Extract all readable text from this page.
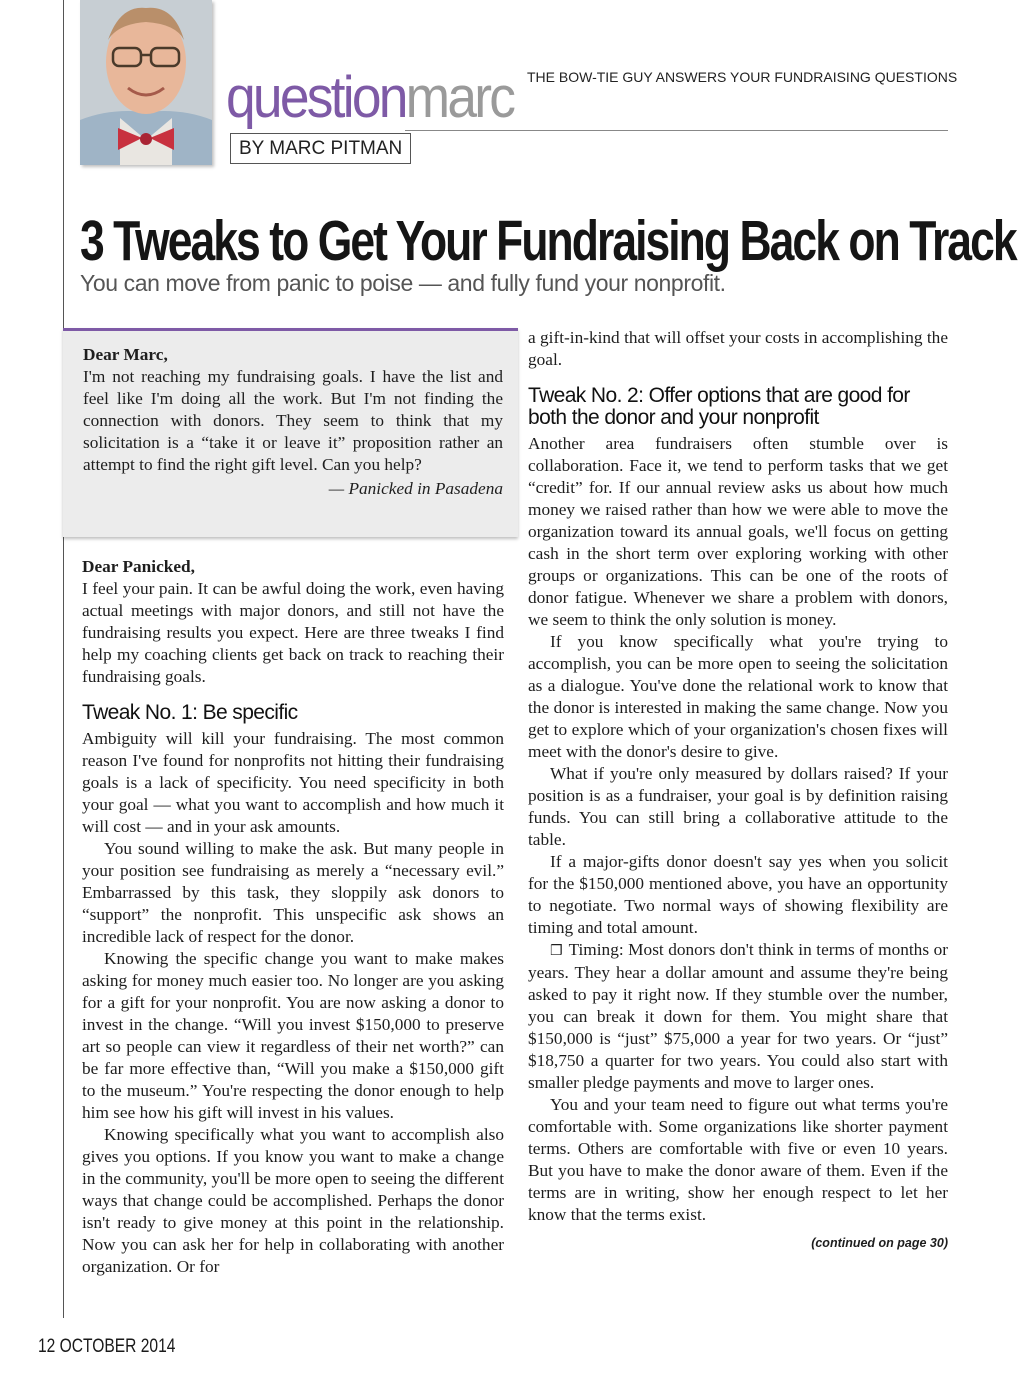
questionmarc
BY MARC PITMAN
THE BOW-TIE GUY ANSWERS YOUR FUNDRAISING QUESTIONS
3 Tweaks to Get Your Fundraising Back on Track
You can move from panic to poise — and fully fund your nonprofit.

Dear Marc,

I'm not reaching my fundraising goals. I have the list and feel like I'm doing all the work. But I'm not finding the connection with donors. They seem to think that my solicitation is a “take it or leave it” proposition rather an attempt to find the right gift level. Can you help?

— Panicked in Pasadena

Dear Panicked,

I feel your pain. It can be awful doing the work, even having actual meetings with major donors, and still not have the fundraising results you expect. Here are three tweaks I find help my coaching clients get back on track to reaching their fundraising goals.

Tweak No. 1: Be specific

Ambiguity will kill your fundraising. The most common reason I've found for nonprofits not hitting their fundraising goals is a lack of specificity. You need specificity in both your goal — what you want to accomplish and how much it will cost — and in your ask amounts.

You sound willing to make the ask. But many people in your position see fundraising as merely a “necessary evil.” Embarrassed by this task, they sloppily ask donors to “support” the nonprofit. This unspecific ask shows an incredible lack of respect for the donor.

Knowing the specific change you want to make makes asking for money much easier too. No longer are you asking for a gift for your nonprofit. You are now asking a donor to invest in the change. “Will you invest $150,000 to preserve art so people can view it regardless of their net worth?” can be far more effective than, “Will you make a $150,000 gift to the museum.” You're respecting the donor enough to help him see how his gift will invest in his values.

Knowing specifically what you want to accomplish also gives you options. If you know you want to make a change in the community, you'll be more open to seeing the different ways that change could be accomplished. Perhaps the donor isn't ready to give money at this point in the relationship. Now you can ask her for help in collaborating with another organization. Or for

a gift-in-kind that will offset your costs in accomplishing the goal.

Tweak No. 2: Offer options that are good for both the donor and your nonprofit

Another area fundraisers often stumble over is collaboration. Face it, we tend to perform tasks that we get “credit” for. If our annual review asks us about how much money we raised rather than how we were able to move the organization toward its annual goals, we'll focus on getting cash in the short term over exploring working with other groups or organizations. This can be one of the roots of donor fatigue. Whenever we share a problem with donors, we seem to think the only solution is money.

If you know specifically what you're trying to accomplish, you can be more open to seeing the solicitation as a dialogue. You've done the relational work to know that the donor is interested in making the same change. Now you get to explore which of your organization's chosen fixes will meet with the donor's desire to give.

What if you're only measured by dollars raised? If your position is as a fundraiser, your goal is by definition raising funds. You can still bring a collaborative attitude to the table.

If a major-gifts donor doesn't say yes when you solicit for the $150,000 mentioned above, you have an opportunity to negotiate. Two normal ways of showing flexibility are timing and total amount.

❒ Timing: Most donors don't think in terms of months or years. They hear a dollar amount and assume they're being asked to pay it right now. If they stumble over the number, you can break it down for them. You might share that $150,000 is “just” $75,000 a year for two years. Or “just” $18,750 a quarter for two years. You could also start with smaller pledge payments and move to larger ones.

You and your team need to figure out what terms you're comfortable with. Some organizations like shorter payment terms. Others are comfortable with five or even 10 years. But you have to make the donor aware of them. Even if the terms are in writing, show her enough respect to let her know that the terms exist.

(continued on page 30)

12 OCTOBER 2014
